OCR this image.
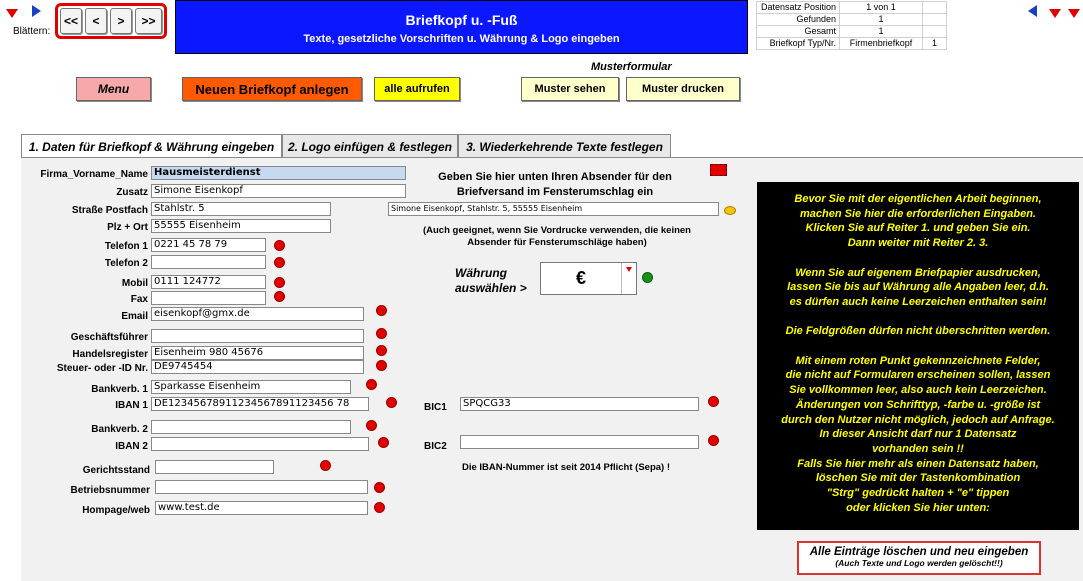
Blättern:
<<	<	>	>>	Briefkopf u. -Fuß
Texte, gesetzliche Vorschriften u. Währung & Logo eingeben
Datensatz Position	1 von 1	
Gefunden	1	
Gesamt	1	
Briefkopf Typ/Nr.	Firmenbriefkopf	1
Menu	Neuen Briefkopf anlegen	alle aufrufen
Musterformular
Muster sehen	Muster drucken
1. Daten für Briefkopf & Währung eingeben	2. Logo einfügen & festlegen	3. Wiederkehrende Texte festlegen
Firma_Vorname_Name Hausmeisterdienst
Zusatz Simone Eisenkopf
Straße Postfach Stahlstr. 5
Plz + Ort 55555 Eisenheim
Telefon 1 0221 45 78 79
Telefon 2
Mobil 0111 124772
Fax
Email eisenkopf@gmx.de
Geschäftsführer
Handelsregister Eisenheim 980 45676
Steuer- oder -ID Nr. DE9745454
Bankverb. 1 Sparkasse Eisenheim
IBAN 1 DE12345678911234567891123456 78
Bankverb. 2
IBAN 2
Gerichtsstand
Betriebsnummer
Hompage/web www.test.de
Geben Sie hier unten Ihren Absender für den Briefversand im Fensterumschlag ein
Simone Eisenkopf, Stahlstr. 5, 55555 Eisenheim
(Auch geeignet, wenn Sie Vordrucke verwenden, die keinen Absender für Fensterumschläge haben)
Währung auswählen >	€
BIC1	SPQCG33
BIC2
Die IBAN-Nummer ist seit 2014 Pflicht (Sepa) !
Bevor Sie mit der eigentlichen Arbeit beginnen,
machen Sie hier die erforderlichen Eingaben.
Klicken Sie auf Reiter 1. und geben Sie ein.
Dann weiter mit Reiter 2. 3.
Wenn Sie auf eigenem Briefpapier ausdrucken,
lassen Sie bis auf Währung alle Angaben leer, d.h.
es dürfen auch keine Leerzeichen enthalten sein!
Die Feldgrößen dürfen nicht überschritten werden.
Mit einem roten Punkt gekennzeichnete Felder,
die nicht auf Formularen erscheinen sollen, lassen
Sie vollkommen leer, also auch kein Leerzeichen.
Änderungen von Schrifttyp, -farbe u. -größe ist
durch den Nutzer nicht möglich, jedoch auf Anfrage.
In dieser Ansicht darf nur 1 Datensatz
vorhanden sein !!
Falls Sie hier mehr als einen Datensatz haben,
löschen Sie mit der Tastenkombination
"Strg" gedrückt halten + "e" tippen
oder klicken Sie hier unten:
Alle Einträge löschen und neu eingeben
(Auch Texte und Logo werden gelöscht!!)
